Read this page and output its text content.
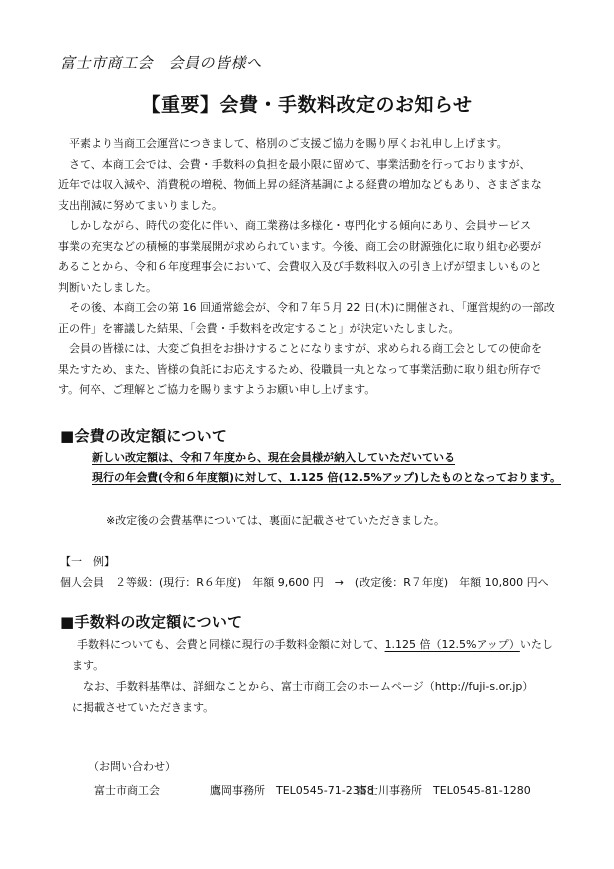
富士市商工会　会員の皆様へ
【重要】会費・手数料改定のお知らせ

　平素より当商工会運営につきまして、格別のご支援ご協力を賜り厚くお礼申し上げます。

　さて、本商工会では、会費・手数料の負担を最小限に留めて、事業活動を行っておりますが、

近年では収入減や、消費税の増税、物価上昇の経済基調による経費の増加などもあり、さまざまな

支出削減に努めてまいりました。

　しかしながら、時代の変化に伴い、商工業務は多様化・専門化する傾向にあり、会員サービス

事業の充実などの積極的事業展開が求められています。今後、商工会の財源強化に取り組む必要が

あることから、令和６年度理事会において、会費収入及び手数料収入の引き上げが望ましいものと

判断いたしました。

　その後、本商工会の第 16 回通常総会が、令和７年５月 22 日(木)に開催され、「運営規約の一部改

正の件」を審議した結果、「会費・手数料を改定すること」が決定いたしました。

　会員の皆様には、大変ご負担をお掛けすることになりますが、求められる商工会としての使命を

果たすため、また、皆様の負託にお応えするため、役職員一丸となって事業活動に取り組む所存で

す。何卒、ご理解とご協力を賜りますようお願い申し上げます。

■会費の改定額について
新しい改定額は、令和７年度から、現在会員様が納入していただいている
現行の年会費(令和６年度額)に対して、1.125 倍(12.5%アップ)したものとなっております。
※改定後の会費基準については、裏面に記載させていただきました。
【一　例】
個人会員　２等級：(現行：R６年度)　年額 9,600 円　→　(改定後：R７年度)　年額 10,800 円へ
■手数料の改定額について
　手数料についても、会費と同様に現行の手数料金額に対して、1.125 倍（12.5%アップ）いたし
ます。
　なお、手数料基準は、詳細なことから、富士市商工会のホームページ（http://fuji-s.or.jp）
に掲載させていただきます。
（お問い合わせ）
富士市商工会	鷹岡事務所　TEL0545-71-2358
富士川事務所　TEL0545-81-1280
